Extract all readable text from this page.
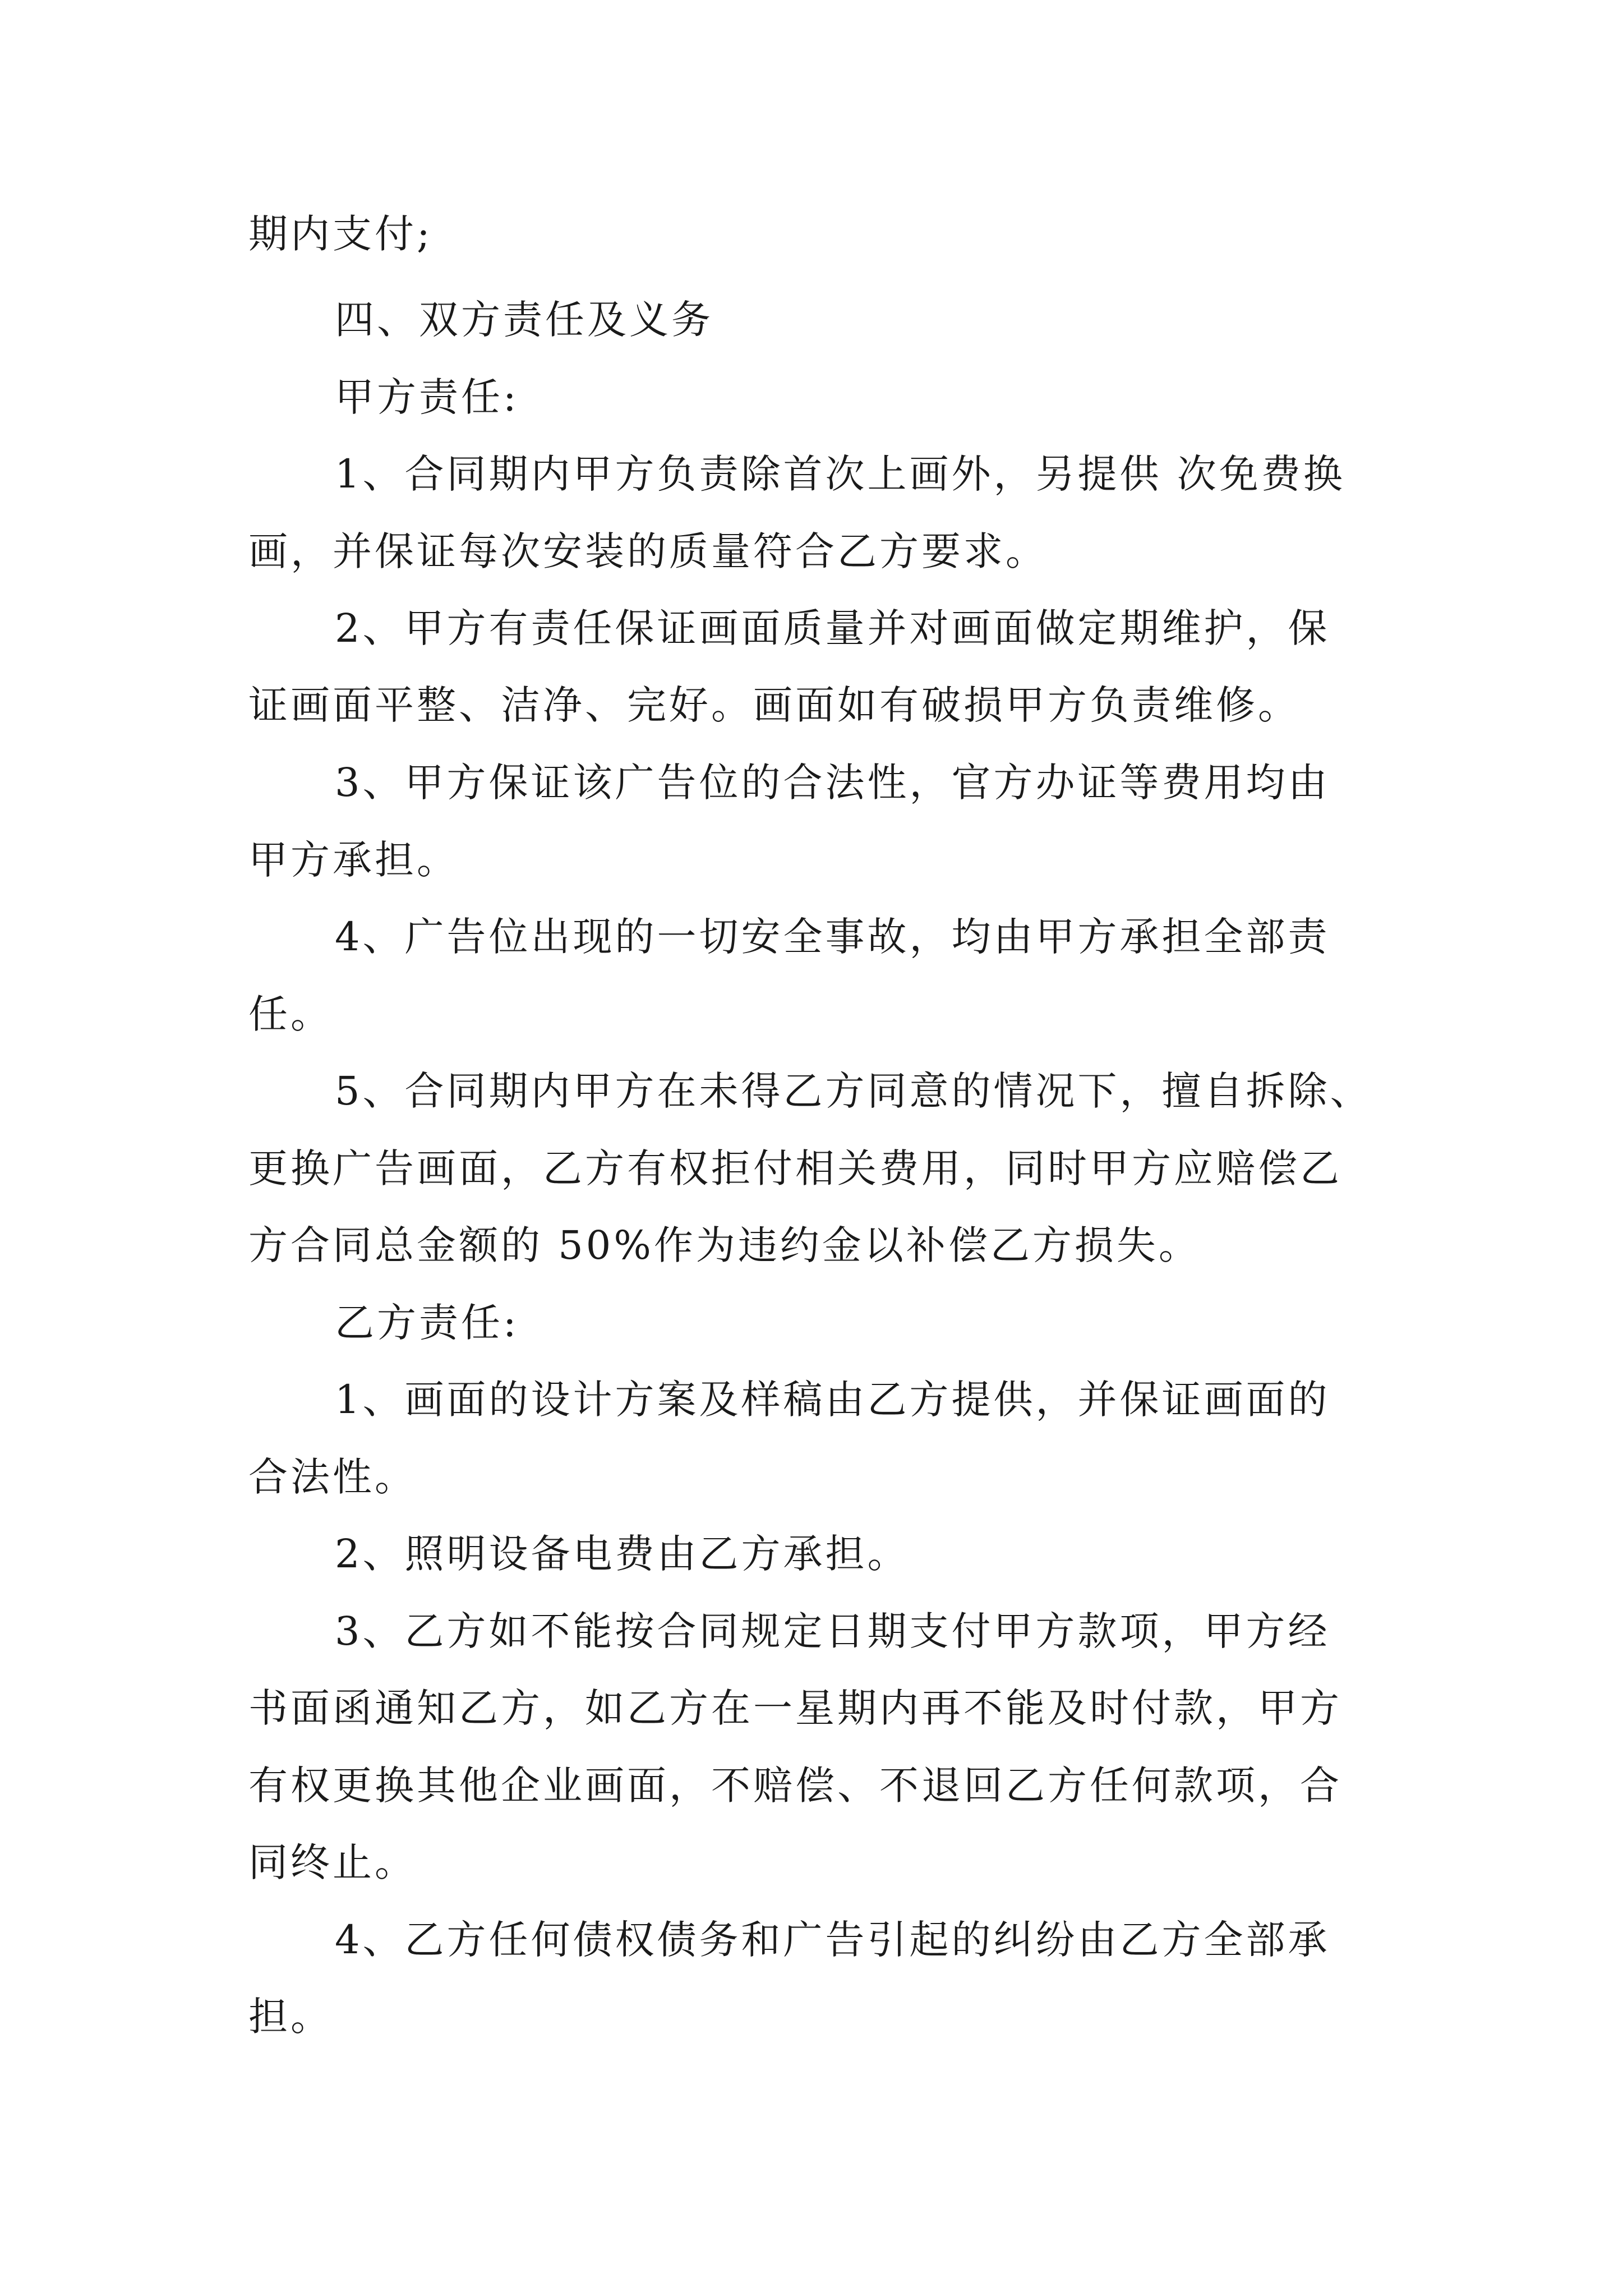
期内支付;
四、双方责任及义务
甲方责任:
1、合同期内甲方负责除首次上画外，另提供 次免费换
画，并保证每次安装的质量符合乙方要求。
2、甲方有责任保证画面质量并对画面做定期维护，保
证画面平整、洁净、完好。画面如有破损甲方负责维修。
3、甲方保证该广告位的合法性，官方办证等费用均由
甲方承担。
4、广告位出现的一切安全事故，均由甲方承担全部责
任。
5、合同期内甲方在未得乙方同意的情况下，擅自拆除、
更换广告画面，乙方有权拒付相关费用，同时甲方应赔偿乙
方合同总金额的 50%作为违约金以补偿乙方损失。
乙方责任:
1、画面的设计方案及样稿由乙方提供，并保证画面的
合法性。
2、照明设备电费由乙方承担。
3、乙方如不能按合同规定日期支付甲方款项，甲方经
书面函通知乙方，如乙方在一星期内再不能及时付款，甲方
有权更换其他企业画面，不赔偿、不退回乙方任何款项，合
同终止。
4、乙方任何债权债务和广告引起的纠纷由乙方全部承
担。
